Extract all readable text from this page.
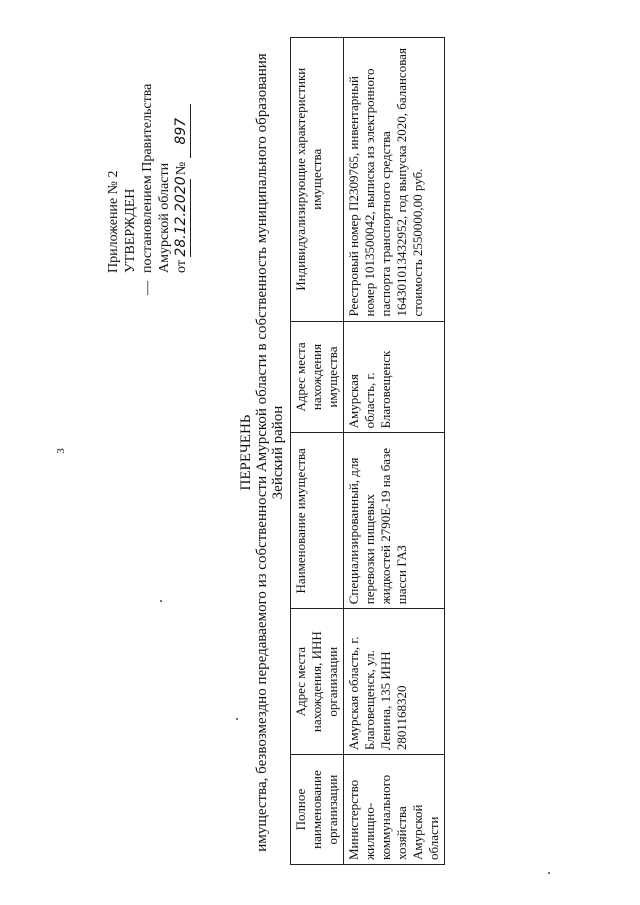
3
—
Приложение № 2 УТВЕРЖДЕН постановлением Правительства Амурской области от 28.12.2020 № 897
ПЕРЕЧЕНЬ имущества, безвозмездно передаваемого из собственности Амурской области в собственность муниципального образования Зейский район
Полное наименование организации	Адрес места нахождения, ИНН организации	Наименование имущества	Адрес места нахождения имущества	Индивидуализирующие характеристики имущества
Министерство жилищно-коммунального хозяйства Амурской области	Амурская область, г. Благовещенск, ул. Ленина, 135 ИНН 2801168320	Специализированный, для перевозки пищевых жидкостей 2790Е-19 на базе шасси ГАЗ	Амурская область, г. Благовещенск	Реестровый номер П2309765, инвентарный номер 1013500042, выписка из электронного паспорта транспортного средства 164301013432952, год выпуска 2020, балансовая стоимость 2550000,00 руб.
